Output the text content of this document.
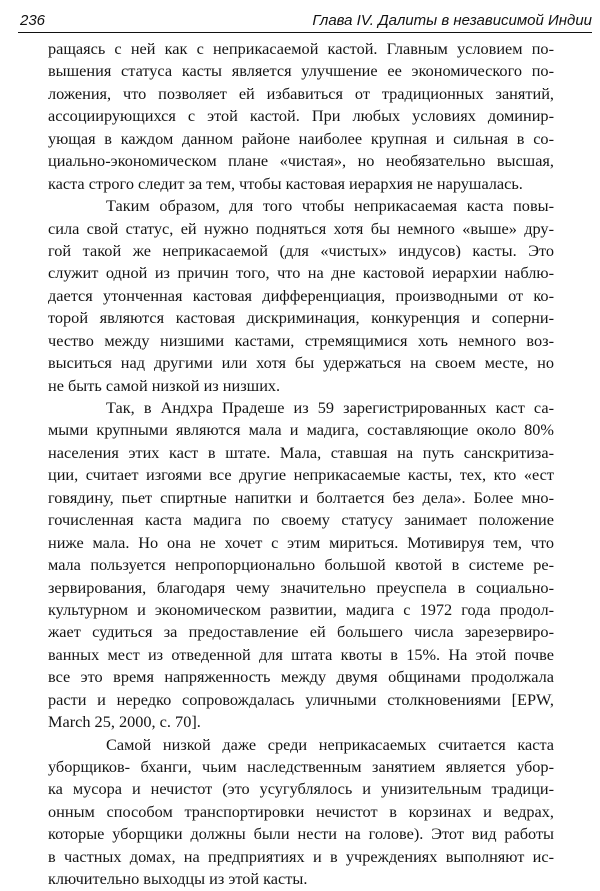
236	Глава IV. Далиты в независимой Индии
ращаясь с ней как с неприкасаемой кастой. Главным условием по-
вышения статуса касты является улучшение ее экономического по-
ложения, что позволяет ей избавиться от традиционных занятий,
ассоциирующихся с этой кастой. При любых условиях доминир-
ующая в каждом данном районе наиболее крупная и сильная в со-
циально-экономическом плане «чистая», но необязательно высшая,
каста строго следит за тем, чтобы кастовая иерархия не нарушалась.
Таким образом, для того чтобы неприкасаемая каста повы-
сила свой статус, ей нужно подняться хотя бы немного «выше» дру-
гой такой же неприкасаемой (для «чистых» индусов) касты. Это
служит одной из причин того, что на дне кастовой иерархии наблю-
дается утонченная кастовая дифференциация, производными от ко-
торой являются кастовая дискриминация, конкуренция и соперни-
чество между низшими кастами, стремящимися хоть немного воз-
выситься над другими или хотя бы удержаться на своем месте, но
не быть самой низкой из низших.
Так, в Андхра Прадеше из 59 зарегистрированных каст са-
мыми крупными являются мала и мадига, составляющие около 80%
населения этих каст в штате. Мала, ставшая на путь санскритиза-
ции, считает изгоями все другие неприкасаемые касты, тех, кто «ест
говядину, пьет спиртные напитки и болтается без дела». Более мно-
гочисленная каста мадига по своему статусу занимает положение
ниже мала. Но она не хочет с этим мириться. Мотивируя тем, что
мала пользуется непропорционально большой квотой в системе ре-
зервирования, благодаря чему значительно преуспела в социально-
культурном и экономическом развитии, мадига с 1972 года продол-
жает судиться за предоставление ей большего числа зарезервиро-
ванных мест из отведенной для штата квоты в 15%. На этой почве
все это время напряженность между двумя общинами продолжала
расти и нередко сопровождалась уличными столкновениями [EPW,
March 25, 2000, с. 70].
Самой низкой даже среди неприкасаемых считается каста
уборщиков- бханги, чьим наследственным занятием является убор-
ка мусора и нечистот (это усугублялось и унизительным традици-
онным способом транспортировки нечистот в корзинах и ведрах,
которые уборщики должны были нести на голове). Этот вид работы
в частных домах, на предприятиях и в учреждениях выполняют ис-
ключительно выходцы из этой касты.
